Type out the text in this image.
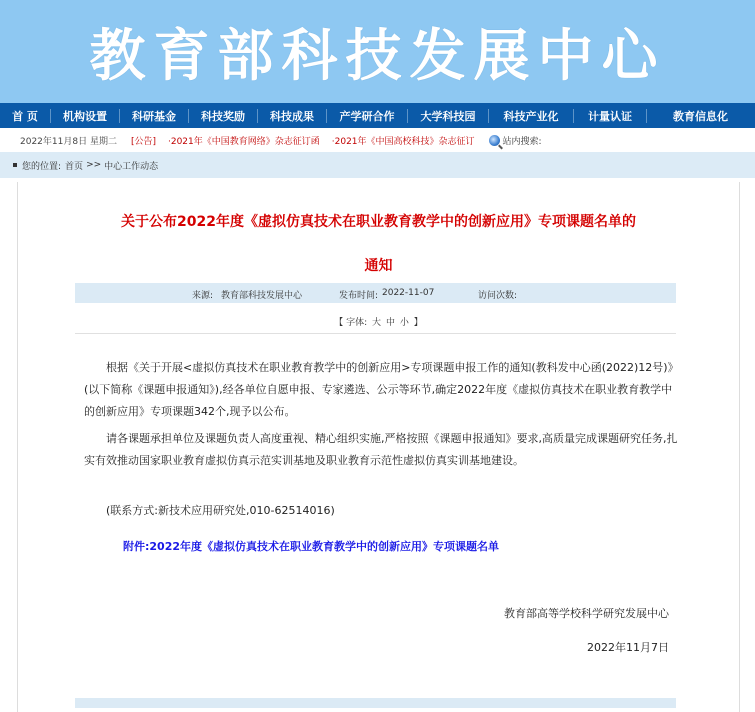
教育部科技发展中心
首 页	机构设置	科研基金	科技奖励	科技成果	产学研合作	大学科技园	科技产业化	计量认证	教育信息化
2022年11月8日 星期二 [公告] ·2021年《中国教育网络》杂志征订函 ·2021年《中国高校科技》杂志征订	站内搜索:
您的位置: 首页 >> 中心工作动态
关于公布2022年度《虚拟仿真技术在职业教育教学中的创新应用》专项课题名单的
通知
来源: 教育部科技发展中心	发布时间: 2022-11-07	访问次数:
【 字体: 大 中 小 】
根据《关于开展<虚拟仿真技术在职业教育教学中的创新应用>专项课题申报工作的通知(教科发中心函(2022)12号)》(以下简称《课题申报通知》),经各单位自愿申报、专家遴选、公示等环节,确定2022年度《虚拟仿真技术在职业教育教学中的创新应用》专项课题342个,现予以公布。
请各课题承担单位及课题负责人高度重视、精心组织实施,严格按照《课题申报通知》要求,高质量完成课题研究任务,扎实有效推动国家职业教育虚拟仿真示范实训基地及职业教育示范性虚拟仿真实训基地建设。
(联系方式:新技术应用研究处,010-62514016)
附件:2022年度《虚拟仿真技术在职业教育教学中的创新应用》专项课题名单
教育部高等学校科学研究发展中心
2022年11月7日
